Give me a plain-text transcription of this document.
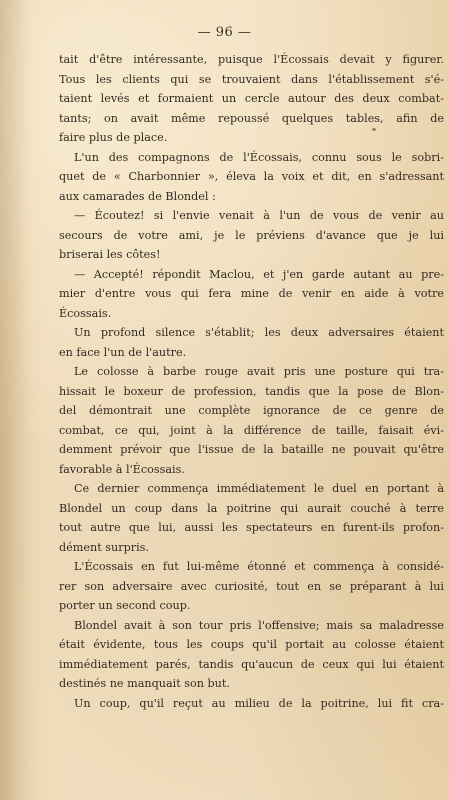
— 96 —
tait d'être intéressante, puisque l'Écossais devait y figurer.
Tous les clients qui se trouvaient dans l'établissement s'é-
taient levés et formaient un cercle autour des deux combat-
tants; on avait même repoussé quelques tables, afin de
faire plus de place.
L'un des compagnons de l'Écossais, connu sous le sobri-
quet de « Charbonnier », éleva la voix et dit, en s'adressant
aux camarades de Blondel :
— Écoutez! si l'envie venait à l'un de vous de venir au
secours de votre ami, je le préviens d'avance que je lui
briserai les côtes!
— Accepté! répondit Maclou, et j'en garde autant au pre-
mier d'entre vous qui fera mine de venir en aide à votre
Écossais.
Un profond silence s'établit; les deux adversaires étaient
en face l'un de l'autre.
Le colosse à barbe rouge avait pris une posture qui tra-
hissait le boxeur de profession, tandis que la pose de Blon-
del démontrait une complète ignorance de ce genre de
combat, ce qui, joint à la différence de taille, faisait évi-
demment prévoir que l'issue de la bataille ne pouvait qu'être
favorable à l'Écossais.
Ce dernier commença immédiatement le duel en portant à
Blondel un coup dans la poitrine qui aurait couché à terre
tout autre que lui, aussi les spectateurs en furent-ils profon-
dément surpris.
L'Écossais en fut lui-même étonné et commença à considé-
rer son adversaire avec curiosité, tout en se préparant à lui
porter un second coup.
Blondel avait à son tour pris l'offensive; mais sa maladresse
était évidente, tous les coups qu'il portait au colosse étaient
immédiatement parés, tandis qu'aucun de ceux qui lui étaient
destinés ne manquait son but.
Un coup, qu'il reçut au milieu de la poitrine, lui fit cra-
